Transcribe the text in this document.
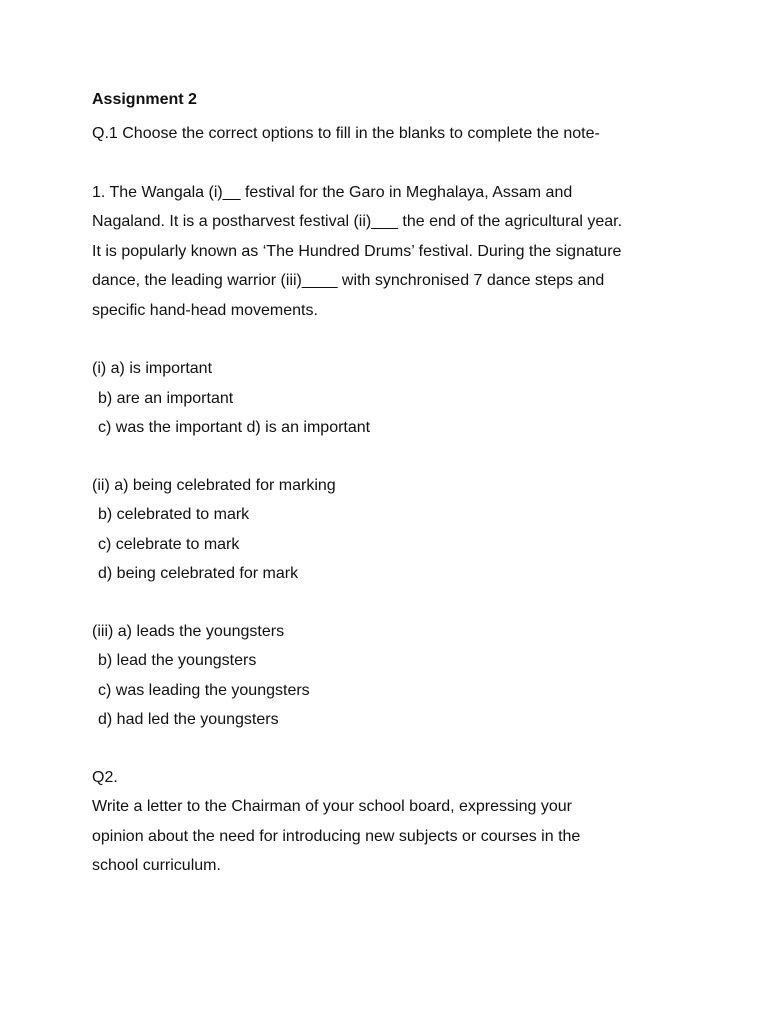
Assignment 2

Q.1 Choose the correct options to fill in the blanks to complete the note-

1. The Wangala (i)__ festival for the Garo in Meghalaya, Assam and

Nagaland. It is a postharvest festival (ii)___ the end of the agricultural year.

It is popularly known as ‘The Hundred Drums’ festival. During the signature

dance, the leading warrior (iii)____ with synchronised 7 dance steps and

specific hand-head movements.

(i) a) is important

b) are an important

c) was the important d) is an important

(ii) a) being celebrated for marking

b) celebrated to mark

c) celebrate to mark

d) being celebrated for mark

(iii) a) leads the youngsters

b) lead the youngsters

c) was leading the youngsters

d) had led the youngsters

Q2.

Write a letter to the Chairman of your school board, expressing your

opinion about the need for introducing new subjects or courses in the

school curriculum.
